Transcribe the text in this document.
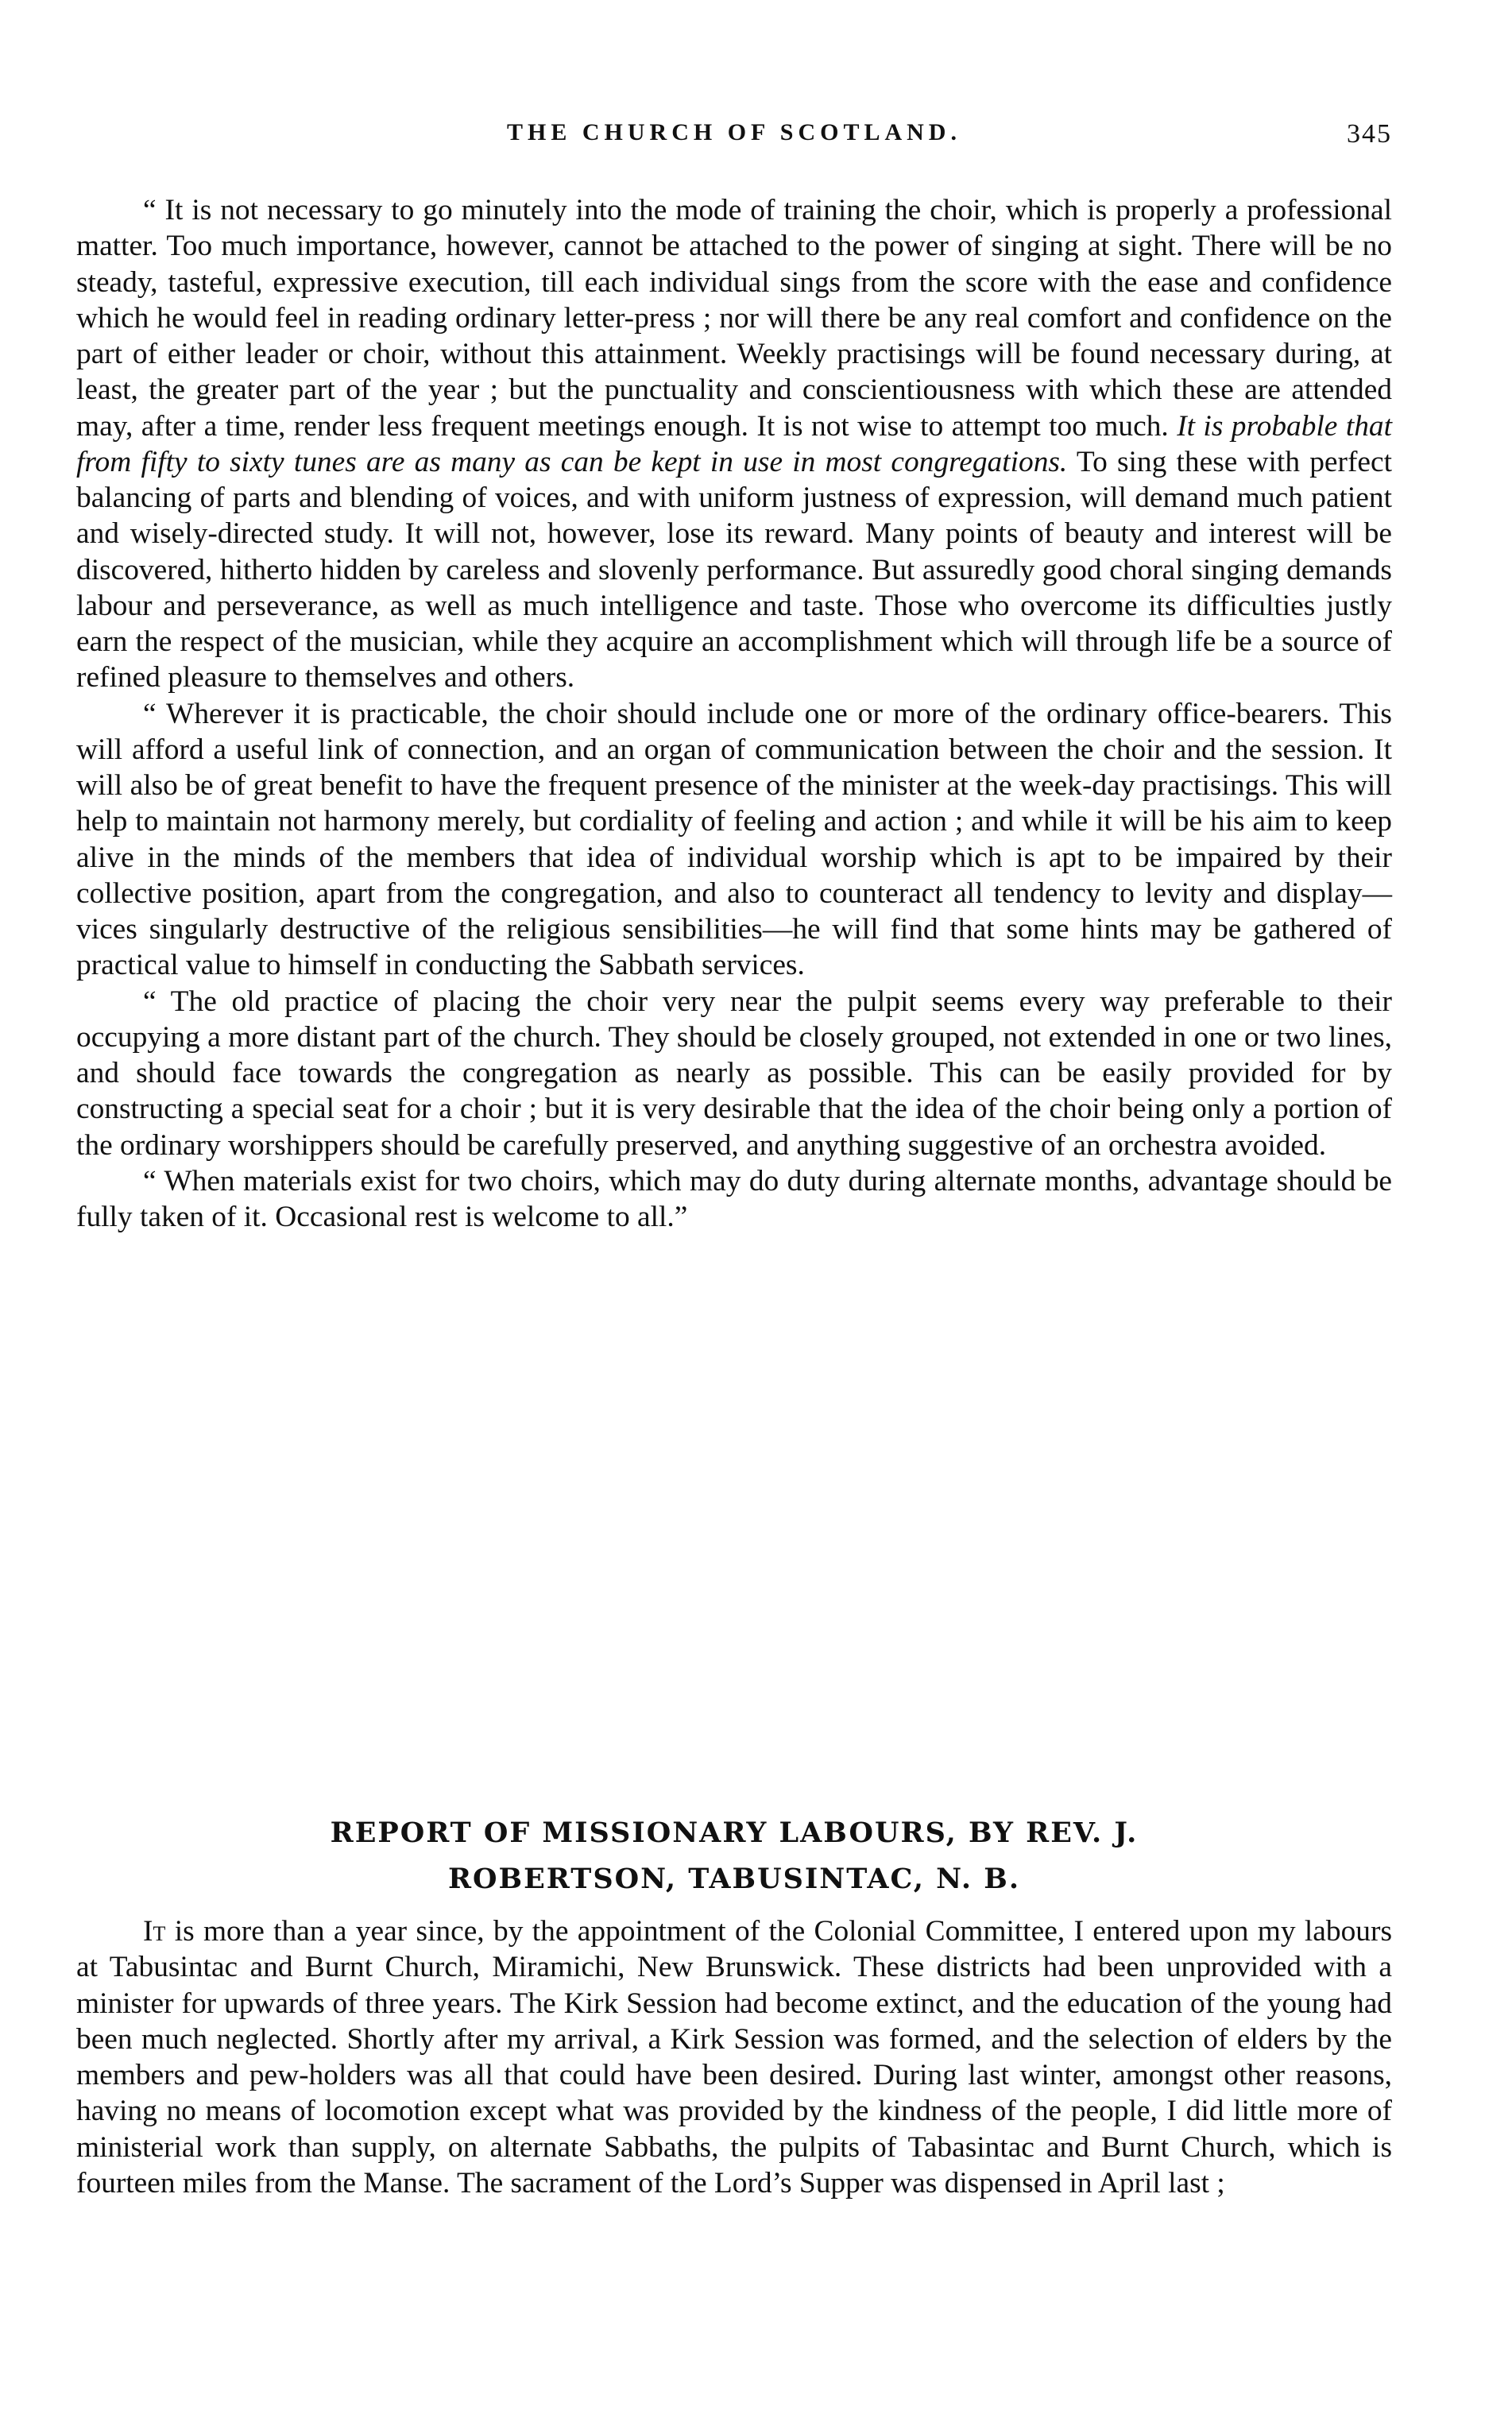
THE CHURCH OF SCOTLAND.	345

“ It is not necessary to go minutely into the mode of training the choir, which is properly a professional matter. Too much importance, however, cannot be attached to the power of singing at sight. There will be no steady, tasteful, expressive execution, till each individual sings from the score with the ease and confidence which he would feel in reading ordinary letter-press ; nor will there be any real comfort and confidence on the part of either leader or choir, without this attainment. Weekly practisings will be found necessary during, at least, the greater part of the year ; but the punctuality and conscientiousness with which these are attended may, after a time, render less frequent meetings enough. It is not wise to attempt too much. It is probable that from fifty to sixty tunes are as many as can be kept in use in most congregations. To sing these with perfect balancing of parts and blending of voices, and with uniform justness of expression, will demand much patient and wisely-directed study. It will not, however, lose its reward. Many points of beauty and interest will be discovered, hitherto hidden by careless and slovenly performance. But assuredly good choral singing demands labour and perseverance, as well as much intelligence and taste. Those who overcome its difficulties justly earn the respect of the musician, while they acquire an accomplishment which will through life be a source of refined pleasure to themselves and others.

“ Wherever it is practicable, the choir should include one or more of the ordinary office-bearers. This will afford a useful link of connection, and an organ of communication between the choir and the session. It will also be of great benefit to have the frequent presence of the minister at the week-day practisings. This will help to maintain not harmony merely, but cordiality of feeling and action ; and while it will be his aim to keep alive in the minds of the members that idea of individual worship which is apt to be impaired by their collective position, apart from the congregation, and also to counteract all tendency to levity and display—vices singularly destructive of the religious sensibilities—he will find that some hints may be gathered of practical value to himself in conducting the Sabbath services.

“ The old practice of placing the choir very near the pulpit seems every way preferable to their occupying a more distant part of the church. They should be closely grouped, not extended in one or two lines, and should face towards the congregation as nearly as possible. This can be easily provided for by constructing a special seat for a choir ; but it is very desirable that the idea of the choir being only a portion of the ordinary worshippers should be carefully preserved, and anything suggestive of an orchestra avoided.

“ When materials exist for two choirs, which may do duty during alternate months, advantage should be fully taken of it. Occasional rest is welcome to all.”

REPORT OF MISSIONARY LABOURS, BY REV. J.
ROBERTSON, TABUSINTAC, N. B.

It is more than a year since, by the appointment of the Colonial Committee, I entered upon my labours at Tabusintac and Burnt Church, Miramichi, New Brunswick. These districts had been unprovided with a minister for upwards of three years. The Kirk Session had become extinct, and the education of the young had been much neglected. Shortly after my arrival, a Kirk Session was formed, and the selection of elders by the members and pew-holders was all that could have been desired. During last winter, amongst other reasons, having no means of locomotion except what was provided by the kindness of the people, I did little more of ministerial work than supply, on alternate Sabbaths, the pulpits of Tabasintac and Burnt Church, which is fourteen miles from the Manse. The sacrament of the Lord’s Supper was dispensed in April last ;
